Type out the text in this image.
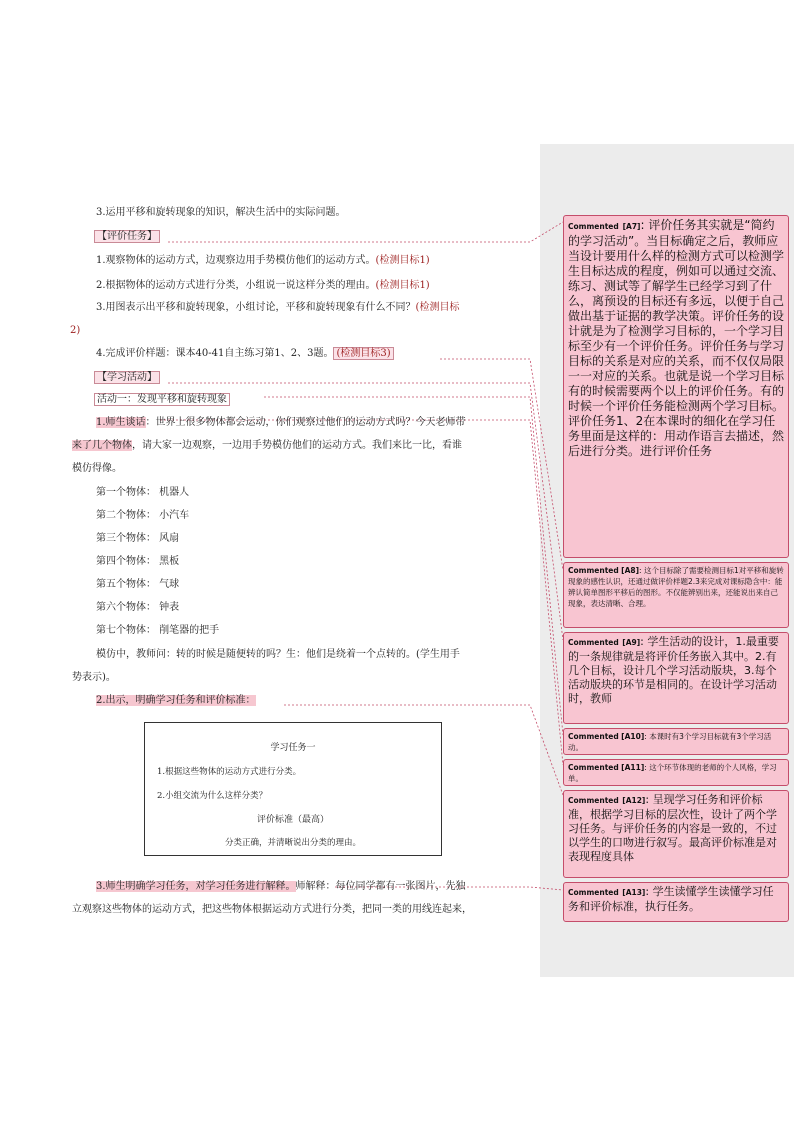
3.运用平移和旋转现象的知识，解决生活中的实际问题。
【评价任务】
1.观察物体的运动方式，边观察边用手势模仿他们的运动方式。(检测目标1)
2.根据物体的运动方式进行分类，小组说一说这样分类的理由。(检测目标1)
3.用图表示出平移和旋转现象，小组讨论，平移和旋转现象有什么不同？(检测目标
2)
4.完成评价样题：课本40-41自主练习第1、2、3题。 (检测目标3)
【学习活动】
活动一：发现平移和旋转现象
1.师生谈话：世界上很多物体都会运动，你们观察过他们的运动方式吗？今天老师带
来了几个物体，请大家一边观察，一边用手势模仿他们的运动方式。我们来比一比，看谁
模仿得像。
第一个物体： 机器人
第二个物体： 小汽车
第三个物体： 风扇
第四个物体： 黑板
第五个物体： 气球
第六个物体： 钟表
第七个物体： 削笔器的把手
模仿中，教师问：转的时候是随便转的吗？生：他们是绕着一个点转的。(学生用手
势表示)。
2.出示，明确学习任务和评价标准：
3.师生明确学习任务，对学习任务进行解释。师解释：每位同学都有一张图片，先独
立观察这些物体的运动方式，把这些物体根据运动方式进行分类，把同一类的用线连起来，
学习任务一
1.根据这些物体的运动方式进行分类。
2.小组交流为什么这样分类？
评价标准（最高）
分类正确，并清晰说出分类的理由。
Commented [A7]: 评价任务其实就是“简约的学习活动”。当目标确定之后，教师应当设计要用什么样的检测方式可以检测学生目标达成的程度，例如可以通过交流、练习、测试等了解学生已经学习到了什么，离预设的目标还有多远，以便于自己做出基于证据的教学决策。评价任务的设计就是为了检测学习目标的，一个学习目标至少有一个评价任务。评价任务与学习目标的关系是对应的关系，而不仅仅局限一一对应的关系。也就是说一个学习目标有的时候需要两个以上的评价任务。有的时候一个评价任务能检测两个学习目标。评价任务1、2在本课时的细化在学习任务里面是这样的：用动作语言去描述，然后进行分类。进行评价任务
Commented [A8]: 这个目标除了需要检测目标1对平移和旋转现象的感性认识，还通过做评价样题2.3来完成对课标隐含中：能辨认简单图形平移后的图形。不仅能辨别出来，还能说出来自己现象，表达清晰、合理。
Commented [A9]: 学生活动的设计，1.最重要的一条规律就是将评价任务嵌入其中。2.有几个目标，设计几个学习活动版块，3.每个活动版块的环节是相同的。在设计学习活动时，教师
Commented [A10]: 本课时有3个学习目标就有3个学习活动。
Commented [A11]: 这个环节体现的老师的个人风格，学习单。
Commented [A12]: 呈现学习任务和评价标准，根据学习目标的层次性，设计了两个学习任务。与评价任务的内容是一致的，不过以学生的口吻进行叙写。最高评价标准是对表现程度具体
Commented [A13]: 学生读懂学生读懂学习任务和评价标准，执行任务。
